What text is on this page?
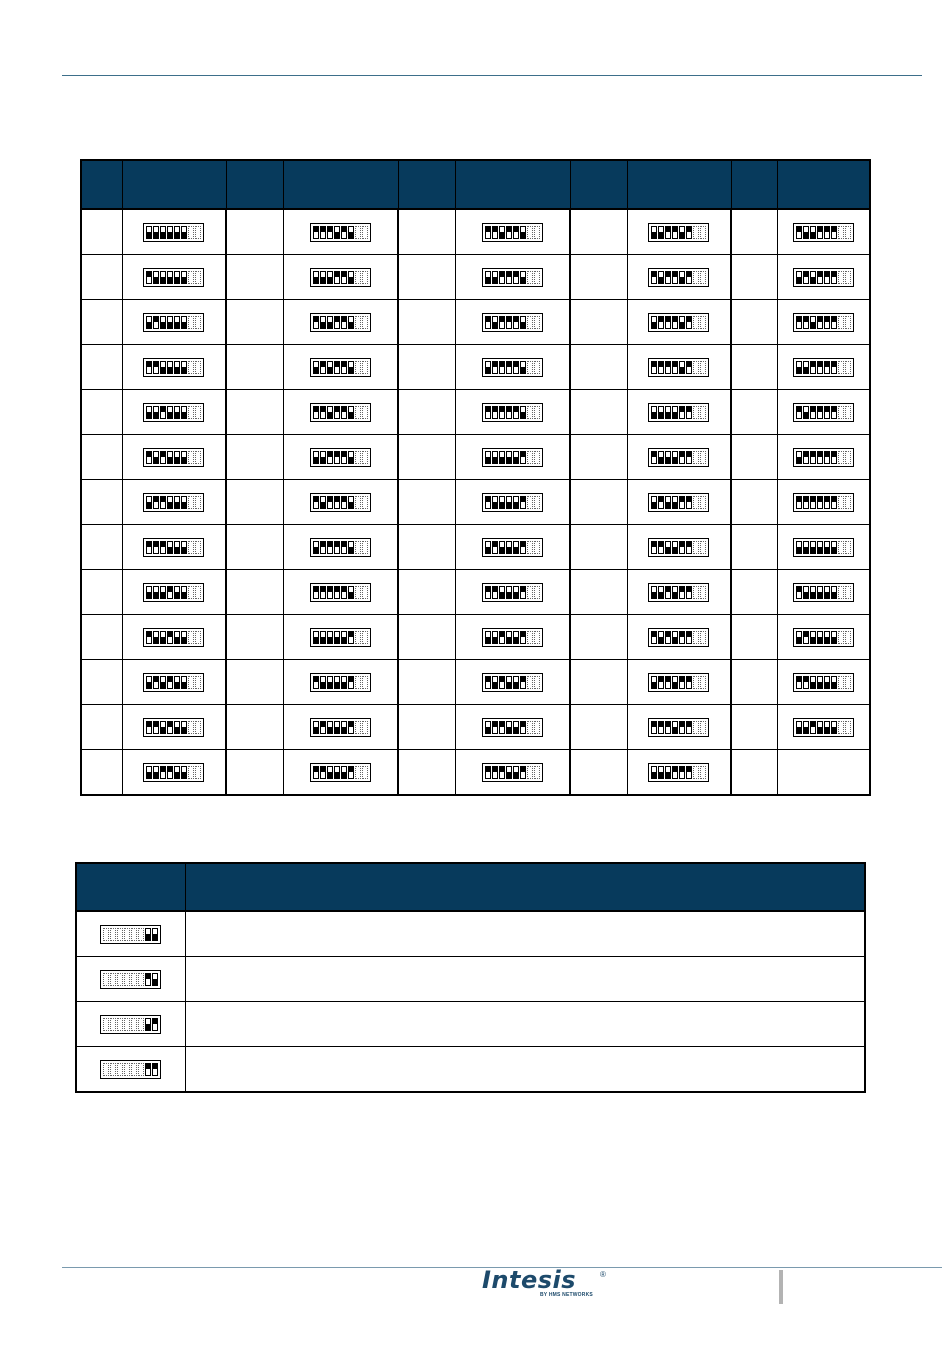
Intesis	®
BY HMS NETWORKS
